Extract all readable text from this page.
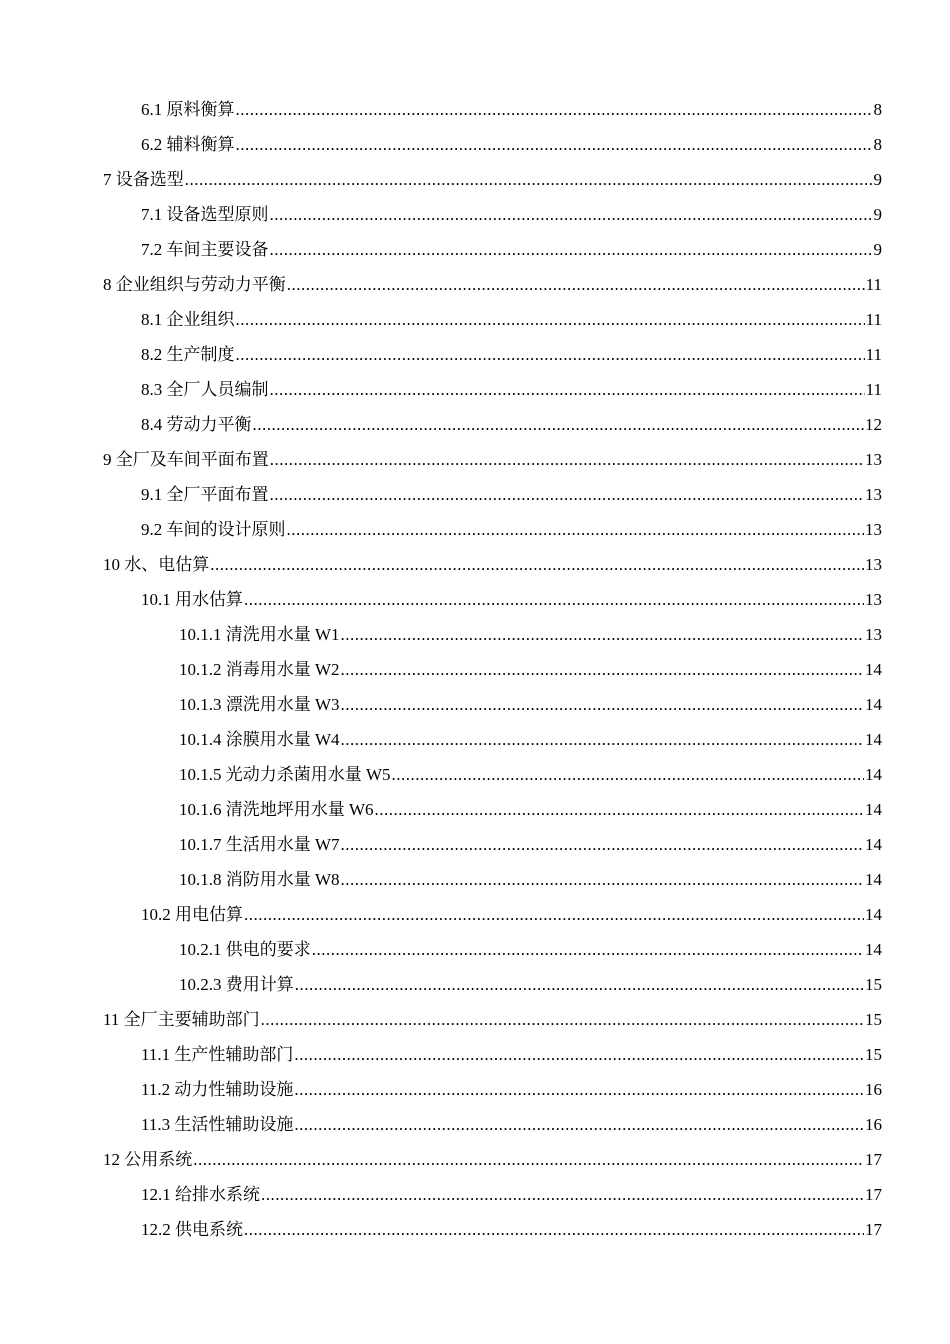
6.1 原料衡算 .....	8
6.2 辅料衡算 .....	8
7 设备选型 .....	9
7.1 设备选型原则 .....	9
7.2 车间主要设备 .....	9
8 企业组织与劳动力平衡 .....	11
8.1 企业组织 .....	11
8.2 生产制度 .....	11
8.3 全厂人员编制 .....	11
8.4 劳动力平衡 .....	12
9 全厂及车间平面布置 .....	13
9.1 全厂平面布置 .....	13
9.2 车间的设计原则 .....	13
10 水、电估算 .....	13
10.1 用水估算 .....	13
10.1.1 清洗用水量 W1 .....	13
10.1.2 消毒用水量 W2 .....	14
10.1.3 漂洗用水量 W3 .....	14
10.1.4 涂膜用水量 W4 .....	14
10.1.5 光动力杀菌用水量 W5 .....	14
10.1.6 清洗地坪用水量 W6 .....	14
10.1.7 生活用水量 W7 .....	14
10.1.8 消防用水量 W8 .....	14
10.2 用电估算 .....	14
10.2.1 供电的要求 .....	14
10.2.3 费用计算 .....	15
11 全厂主要辅助部门 .....	15
11.1 生产性辅助部门 .....	15
11.2 动力性辅助设施 .....	16
11.3 生活性辅助设施 .....	16
12 公用系统 .....	17
12.1 给排水系统 .....	17
12.2 供电系统 .....	17
